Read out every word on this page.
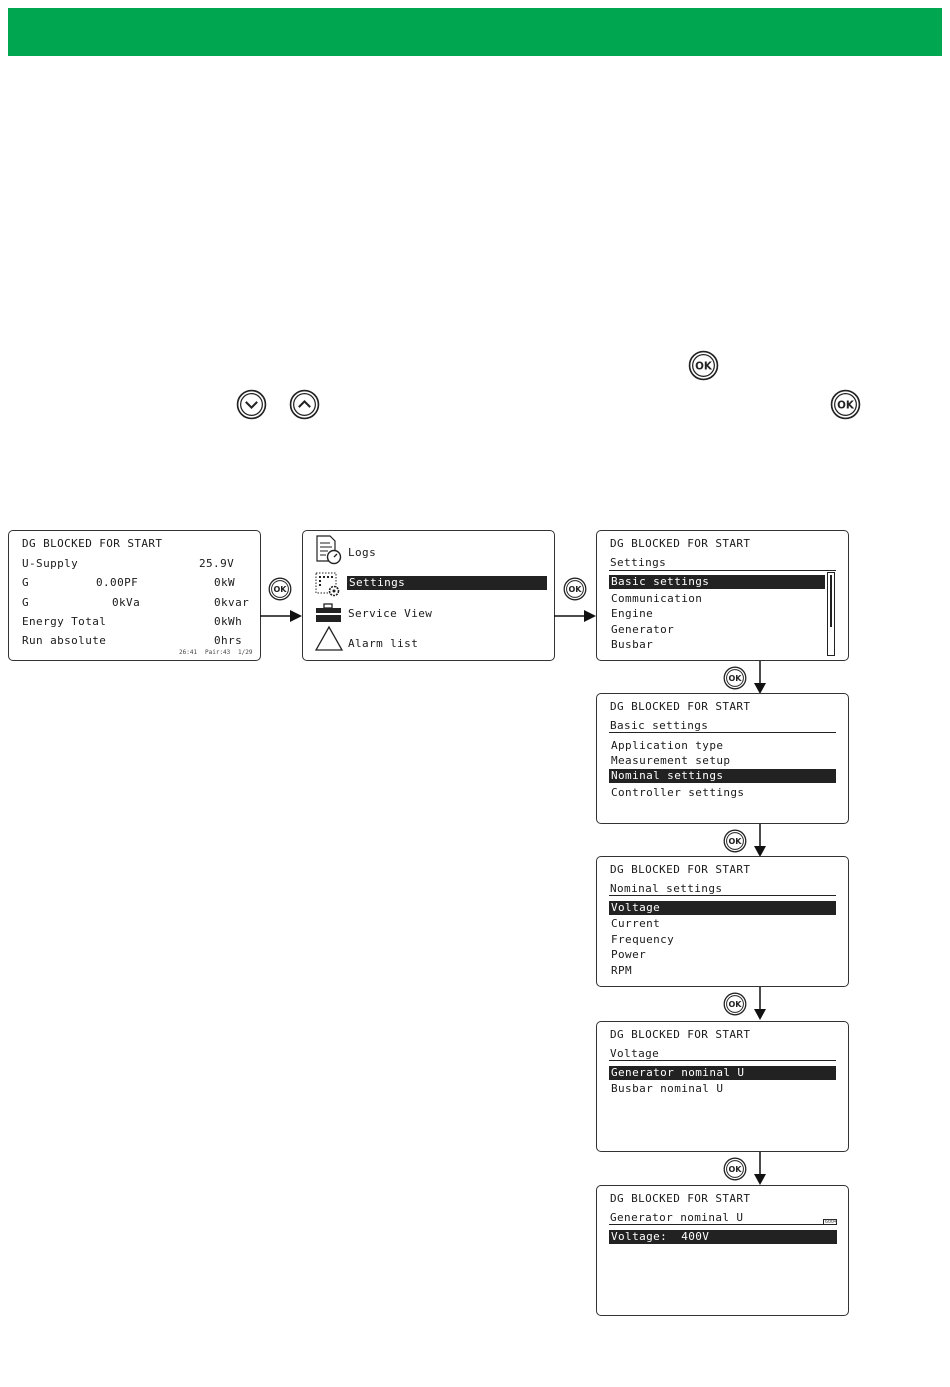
DG BLOCKED FOR START
U-Supply	25.9V
G	0.00PF	0kW
G	0kVa	0kvar
Energy Total	0kWh
Run absolute	0hrs
26:41 Pair:43 1/29
Logs
Settings
Service View
Alarm list
DG BLOCKED FOR START
Settings
Basic settings
Communication
Engine
Generator
Busbar
DG BLOCKED FOR START
Basic settings
Application type
Measurement setup
Nominal settings
Controller settings
DG BLOCKED FOR START
Nominal settings
Voltage
Current
Frequency
Power
RPM
DG BLOCKED FOR START
Voltage
Generator nominal U
Busbar nominal U
DG BLOCKED FOR START
Generator nominal U	6004
Voltage:  400V
